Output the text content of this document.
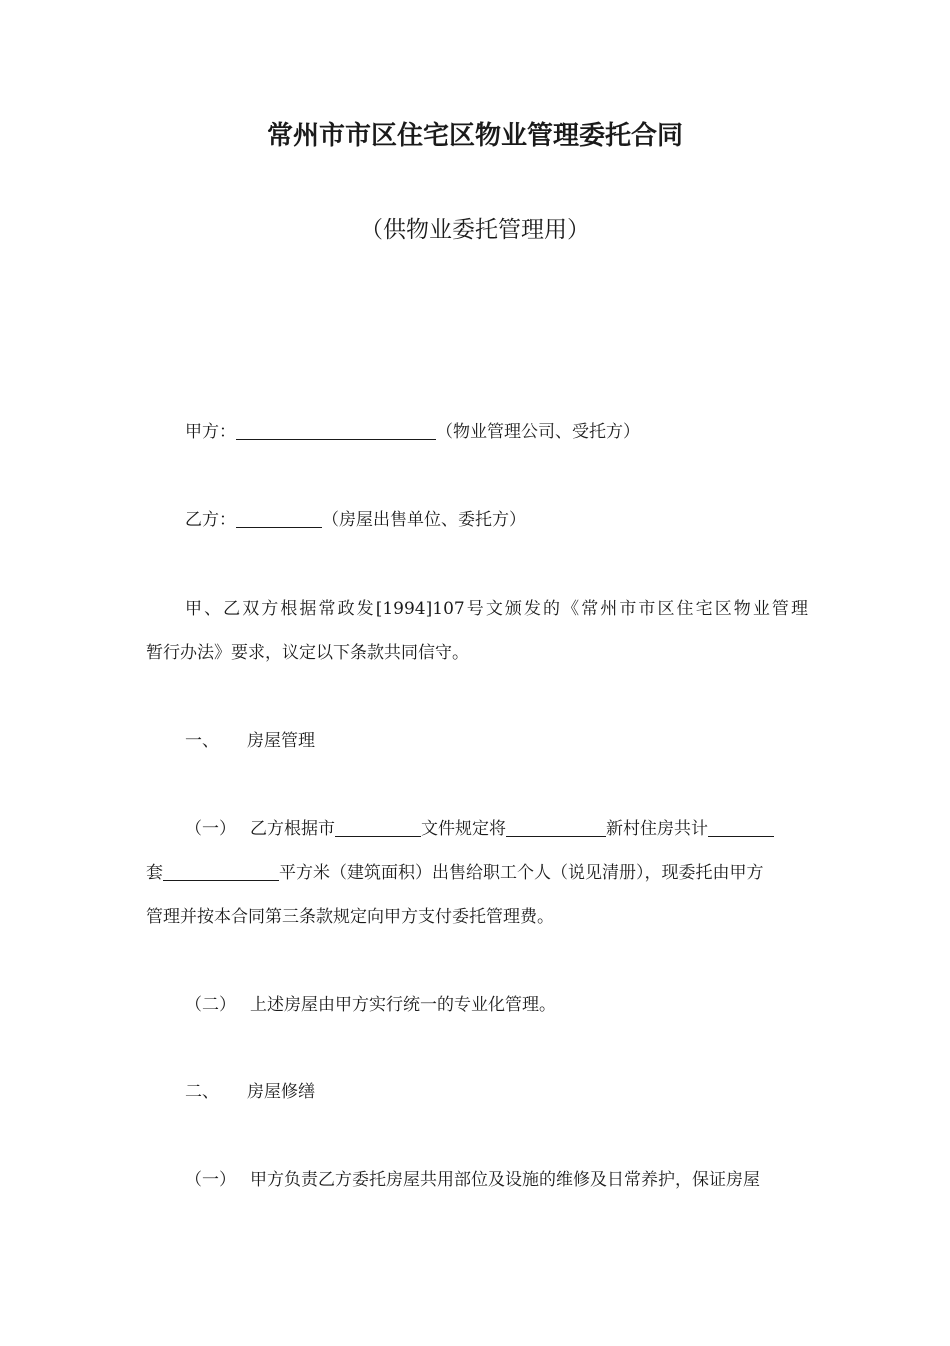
常州市市区住宅区物业管理委托合同
（供物业委托管理用）
甲方：	（物业管理公司、受托方）
乙方：	（房屋出售单位、委托方）
甲、乙双方根据常政发[1994]107号文颁发的《常州市市区住宅区物业管理
暂行办法》要求，议定以下条款共同信守。
一、 房屋管理
（一） 乙方根据市	文件规定将	新村住房共计
套	平方米（建筑面积）出售给职工个人（说见清册），现委托由甲方
管理并按本合同第三条款规定向甲方支付委托管理费。
（二） 上述房屋由甲方实行统一的专业化管理。
二、 房屋修缮
（一） 甲方负责乙方委托房屋共用部位及设施的维修及日常养护，保证房屋
